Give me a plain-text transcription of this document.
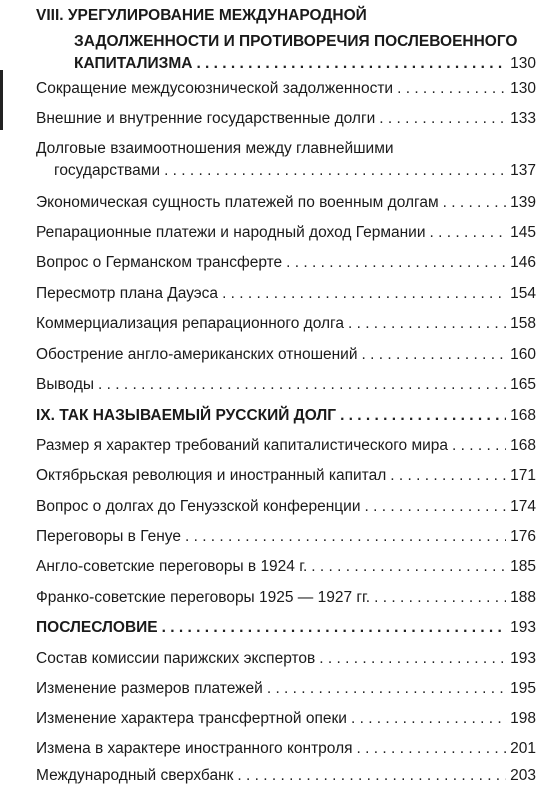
VIII. УРЕГУЛИРОВАНИЕ МЕЖДУНАРОДНОЙ
ЗАДОЛЖЕННОСТИ И ПРОТИВОРЕЧИЯ ПОСЛЕВОЕННОГО
КАПИТАЛИЗМА . . .	130
Сокращение междусоюзнической задолженности . . .	130
Внешние и внутренние государственные долги . . .	133
Долговые взаимоотношения между главнейшими
государствами . . .	137
Экономическая сущность платежей по военным долгам . . .	139
Репарационные платежи и народный доход Германии . . .	145
Вопрос о Германском трансферте . . .	146
Пересмотр плана Дауэса . . .	154
Коммерциализация репарационного долга . . .	158
Обострение англо-американских отношений . . .	160
Выводы . . .	165
IX. ТАК НАЗЫВАЕМЫЙ РУССКИЙ ДОЛГ . . .	168
Размер я характер требований капиталистического мира . . .	168
Октябрьская революция и иностранный капитал . . .	171
Вопрос о долгах до Генуэзской конференции . . .	174
Переговоры в Генуе . . .	176
Англо-советские переговоры в 1924 г. . . .	185
Франко-советские переговоры 1925 — 1927 гг. . . .	188
ПОСЛЕСЛОВИЕ . . .	193
Состав комиссии парижских экспертов . . .	193
Изменение размеров платежей . . .	195
Изменение характера трансфертной опеки . . .	198
Измена в характере иностранного контроля . . .	201
Международный сверхбанк . . .	203
